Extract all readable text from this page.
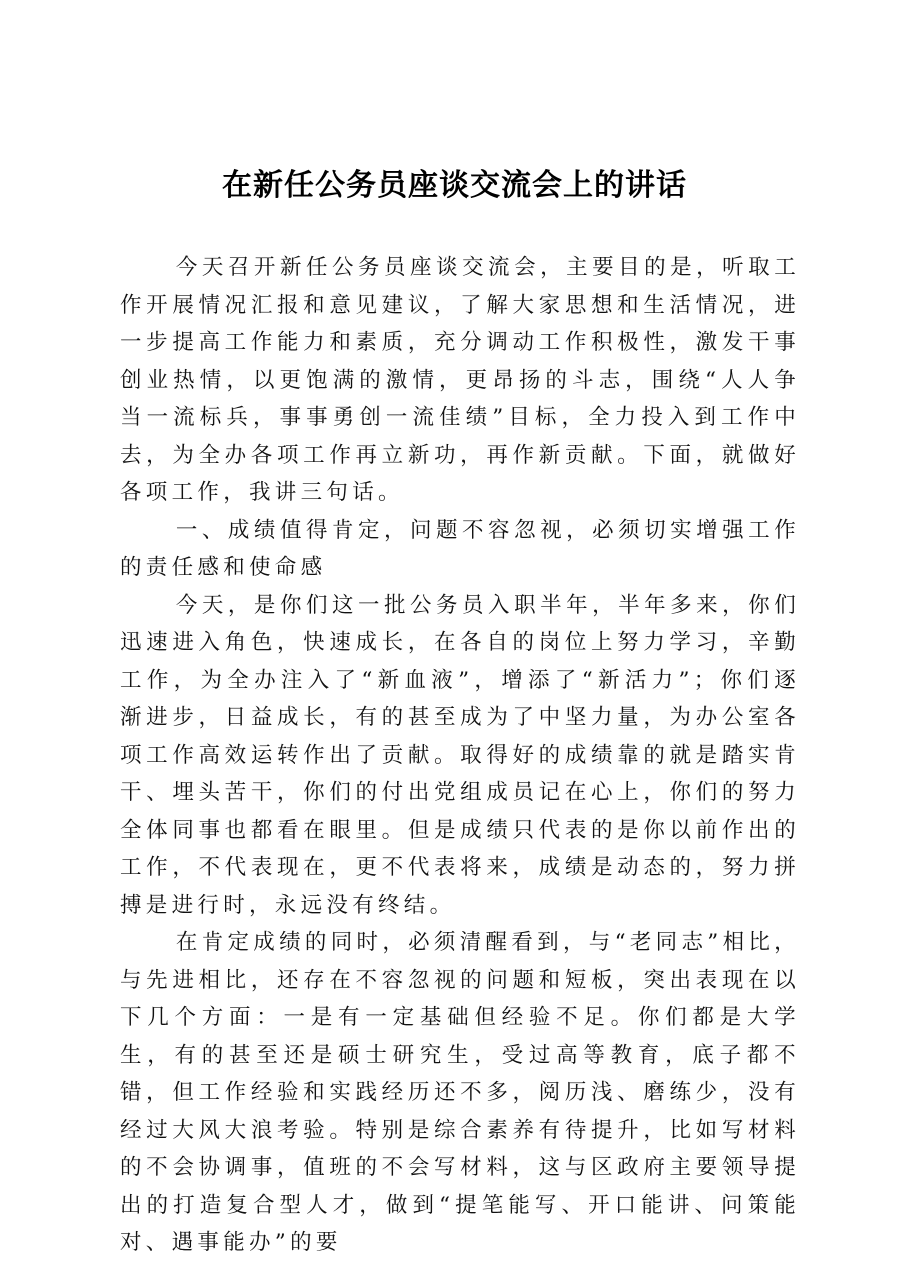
在新任公务员座谈交流会上的讲话

今天召开新任公务员座谈交流会，主要目的是，听取工作开展情况汇报和意见建议，了解大家思想和生活情况，进一步提高工作能力和素质，充分调动工作积极性，激发干事创业热情，以更饱满的激情，更昂扬的斗志，围绕“人人争当一流标兵，事事勇创一流佳绩”目标，全力投入到工作中去，为全办各项工作再立新功，再作新贡献。下面，就做好各项工作，我讲三句话。

一、成绩值得肯定，问题不容忽视，必须切实增强工作的责任感和使命感

今天，是你们这一批公务员入职半年，半年多来，你们迅速进入角色，快速成长，在各自的岗位上努力学习，辛勤工作，为全办注入了“新血液”，增添了“新活力”；你们逐渐进步，日益成长，有的甚至成为了中坚力量，为办公室各项工作高效运转作出了贡献。取得好的成绩靠的就是踏实肯干、埋头苦干，你们的付出党组成员记在心上，你们的努力全体同事也都看在眼里。但是成绩只代表的是你以前作出的工作，不代表现在，更不代表将来，成绩是动态的，努力拼搏是进行时，永远没有终结。

在肯定成绩的同时，必须清醒看到，与“老同志”相比，与先进相比，还存在不容忽视的问题和短板，突出表现在以下几个方面：一是有一定基础但经验不足。你们都是大学生，有的甚至还是硕士研究生，受过高等教育，底子都不错，但工作经验和实践经历还不多，阅历浅、磨练少，没有经过大风大浪考验。特别是综合素养有待提升，比如写材料的不会协调事，值班的不会写材料，这与区政府主要领导提出的打造复合型人才，做到“提笔能写、开口能讲、问策能对、遇事能办”的要
